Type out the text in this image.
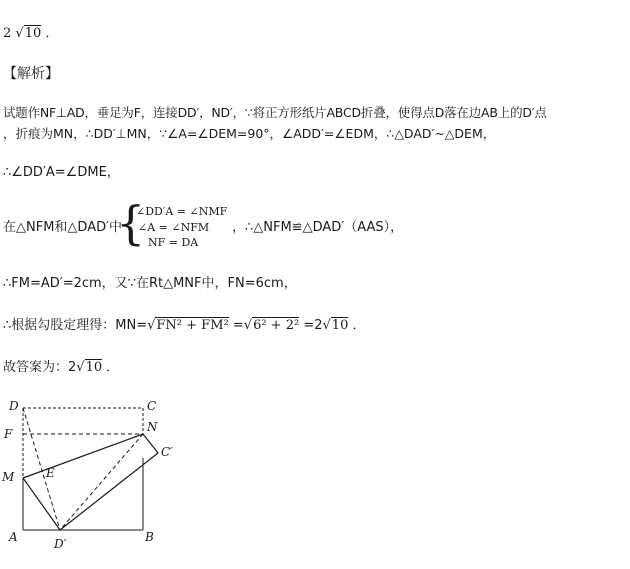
2 √10 ．
【解析】
试题作NF⊥AD，垂足为F，连接DD′，ND′，∵将正方形纸片ABCD折叠，使得点D落在边AB上的D′点
，折痕为MN，∴DD′⊥MN，∵∠A=∠DEM=90°，∠ADD′=∠EDM，∴△DAD′~△DEM，
∴∠DD′A=∠DME，
在△NFM和△DAD′中
{
∠DD′A = ∠NMF
∠A = ∠NFM
NF = DA
，∴△NFM≌△DAD′（AAS），
∴FM=AD′=2cm，又∵在Rt△MNF中，FN=6cm，
∴根据勾股定理得：MN=√FN² + FM² =√6² + 2² =2√10 ．
故答案为：2√10 ．
D	C
F	N
C′
M	E
A	B
D′
